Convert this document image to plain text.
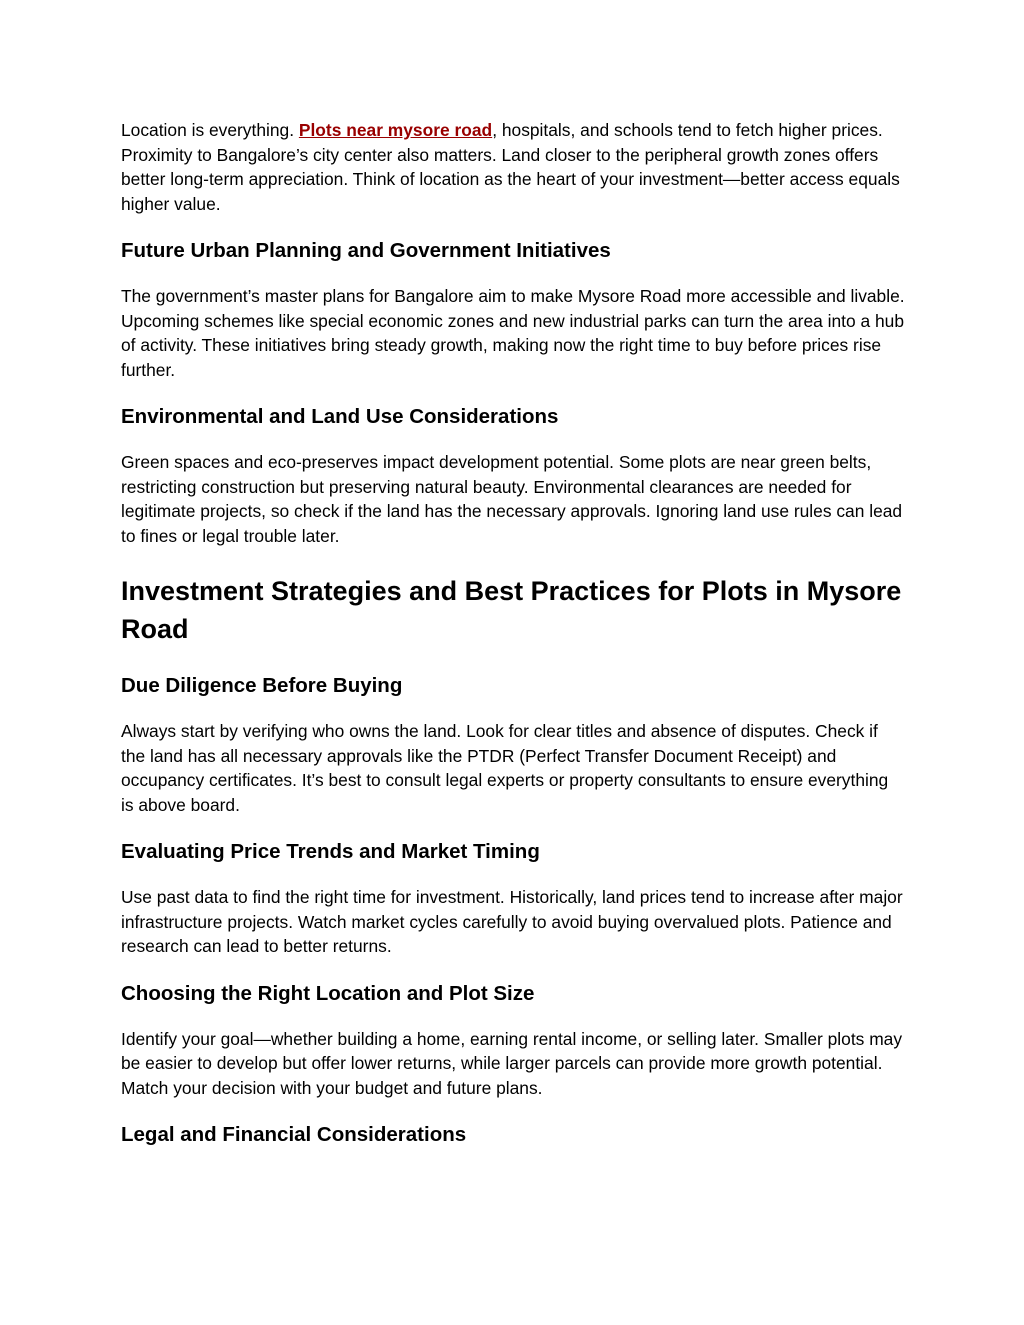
Location is everything. Plots near mysore road, hospitals, and schools tend to fetch higher prices. Proximity to Bangalore’s city center also matters. Land closer to the peripheral growth zones offers better long-term appreciation. Think of location as the heart of your investment—better access equals higher value.

Future Urban Planning and Government Initiatives

The government’s master plans for Bangalore aim to make Mysore Road more accessible and livable. Upcoming schemes like special economic zones and new industrial parks can turn the area into a hub of activity. These initiatives bring steady growth, making now the right time to buy before prices rise further.

Environmental and Land Use Considerations

Green spaces and eco-preserves impact development potential. Some plots are near green belts, restricting construction but preserving natural beauty. Environmental clearances are needed for legitimate projects, so check if the land has the necessary approvals. Ignoring land use rules can lead to fines or legal trouble later.

Investment Strategies and Best Practices for Plots in Mysore Road
Due Diligence Before Buying

Always start by verifying who owns the land. Look for clear titles and absence of disputes. Check if the land has all necessary approvals like the PTDR (Perfect Transfer Document Receipt) and occupancy certificates. It’s best to consult legal experts or property consultants to ensure everything is above board.

Evaluating Price Trends and Market Timing

Use past data to find the right time for investment. Historically, land prices tend to increase after major infrastructure projects. Watch market cycles carefully to avoid buying overvalued plots. Patience and research can lead to better returns.

Choosing the Right Location and Plot Size

Identify your goal—whether building a home, earning rental income, or selling later. Smaller plots may be easier to develop but offer lower returns, while larger parcels can provide more growth potential. Match your decision with your budget and future plans.

Legal and Financial Considerations
